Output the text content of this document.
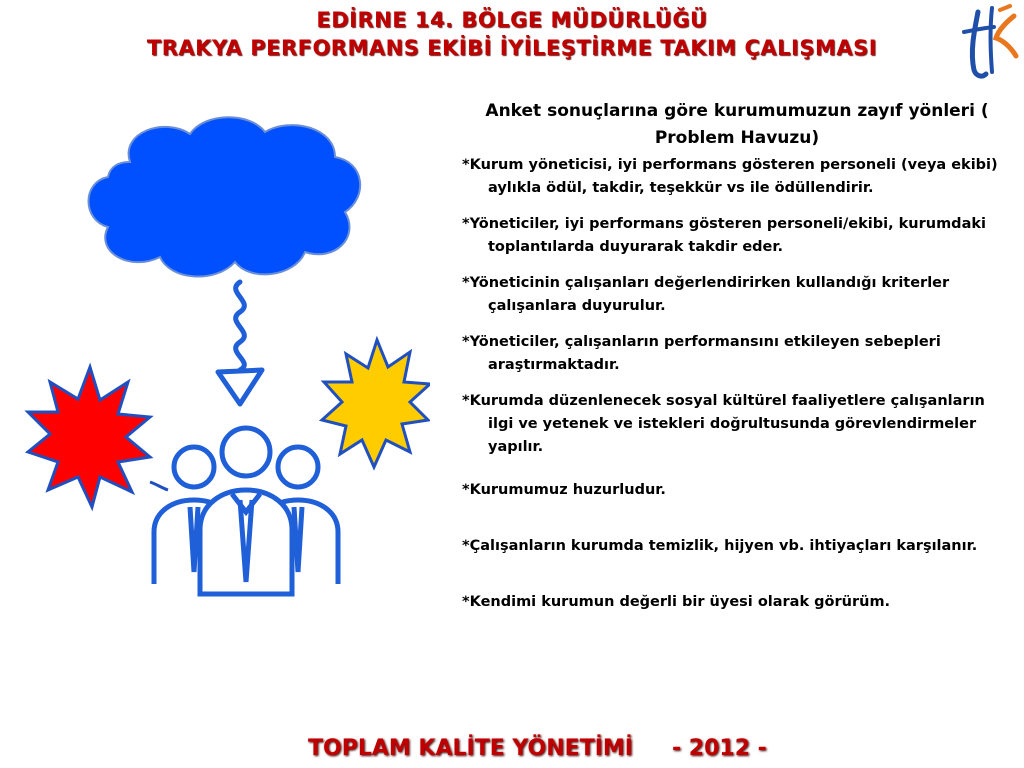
EDİRNE 14. BÖLGE MÜDÜRLÜĞÜ
TRAKYA PERFORMANS EKİBİ İYİLEŞTİRME TAKIM ÇALIŞMASI
Anket sonuçlarına göre kurumumuzun zayıf yönleri ( Problem Havuzu)
*Kurum yöneticisi, iyi performans gösteren personeli (veya ekibi) aylıkla ödül, takdir, teşekkür vs ile ödüllendirir.
*Yöneticiler, iyi performans gösteren personeli/ekibi, kurumdaki toplantılarda duyurarak takdir eder.
*Yöneticinin çalışanları değerlendirirken kullandığı kriterler çalışanlara duyurulur.
*Yöneticiler, çalışanların performansını etkileyen sebepleri araştırmaktadır.
*Kurumda düzenlenecek sosyal kültürel faaliyetlere çalışanların ilgi ve yetenek ve istekleri doğrultusunda görevlendirmeler yapılır.
*Kurumumuz huzurludur.
*Çalışanların kurumda temizlik, hijyen vb. ihtiyaçları karşılanır.
*Kendimi kurumun değerli bir üyesi olarak görürüm.
TOPLAM KALİTE YÖNETİMİ - 2012 -
